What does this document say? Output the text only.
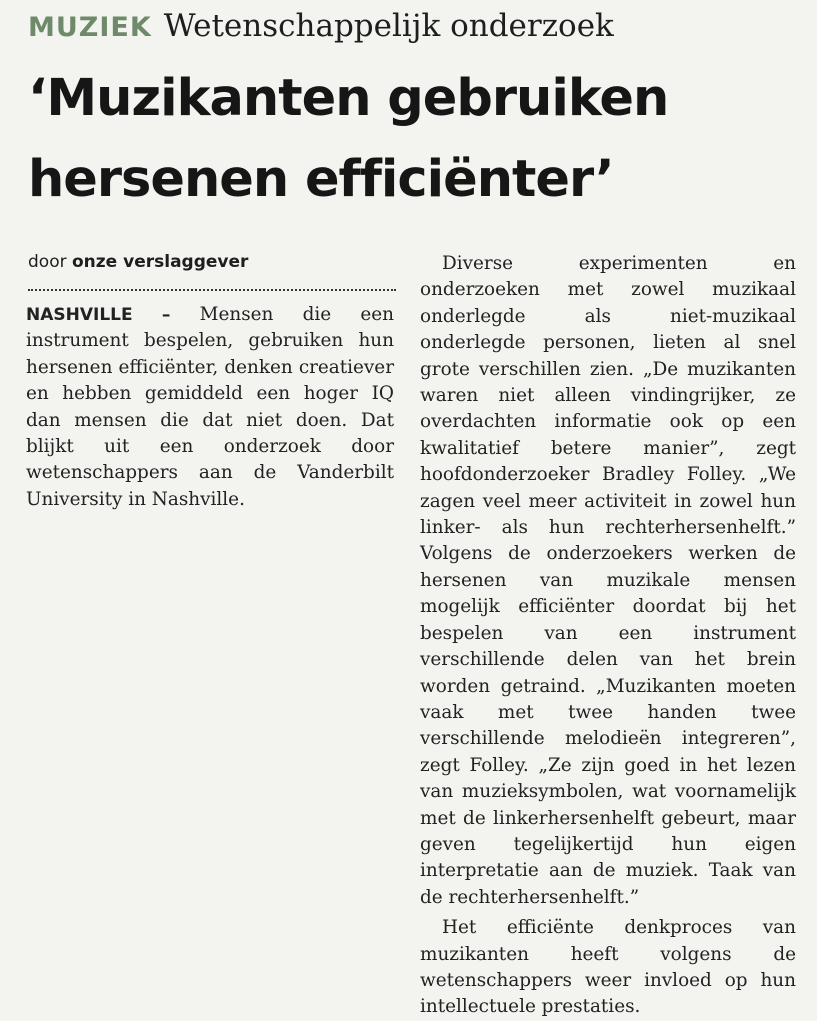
MUZIEK Wetenschappelijk onderzoek
‘Muzikanten gebruiken
hersenen efficiënter’
door onze verslaggever

NASHVILLE – Mensen die een instrument bespelen, gebruiken hun hersenen efficiënter, denken creatiever en hebben gemiddeld een hoger IQ dan mensen die dat niet doen. Dat blijkt uit een onderzoek door wetenschappers aan de Vanderbilt University in Nashville.

Diverse experimenten en onderzoeken met zowel muzikaal onderlegde als niet-muzikaal onderlegde personen, lieten al snel grote verschillen zien. „De muzikanten waren niet alleen vindingrijker, ze overdachten informatie ook op een kwalitatief betere manier”, zegt hoofdonderzoeker Bradley Folley. „We zagen veel meer activiteit in zowel hun linker- als hun rechterhersenhelft.” Volgens de onderzoekers werken de hersenen van muzikale mensen mogelijk efficiënter doordat bij het bespelen van een instrument verschillende delen van het brein worden getraind. „Muzikanten moeten vaak met twee handen twee verschillende melodieën integreren”, zegt Folley. „Ze zijn goed in het lezen van muzieksymbolen, wat voornamelijk met de linkerhersenhelft gebeurt, maar geven tegelijkertijd hun eigen interpretatie aan de muziek. Taak van de rechterhersenhelft.”

Het efficiënte denkproces van muzikanten heeft volgens de wetenschappers weer invloed op hun intellectuele prestaties.
